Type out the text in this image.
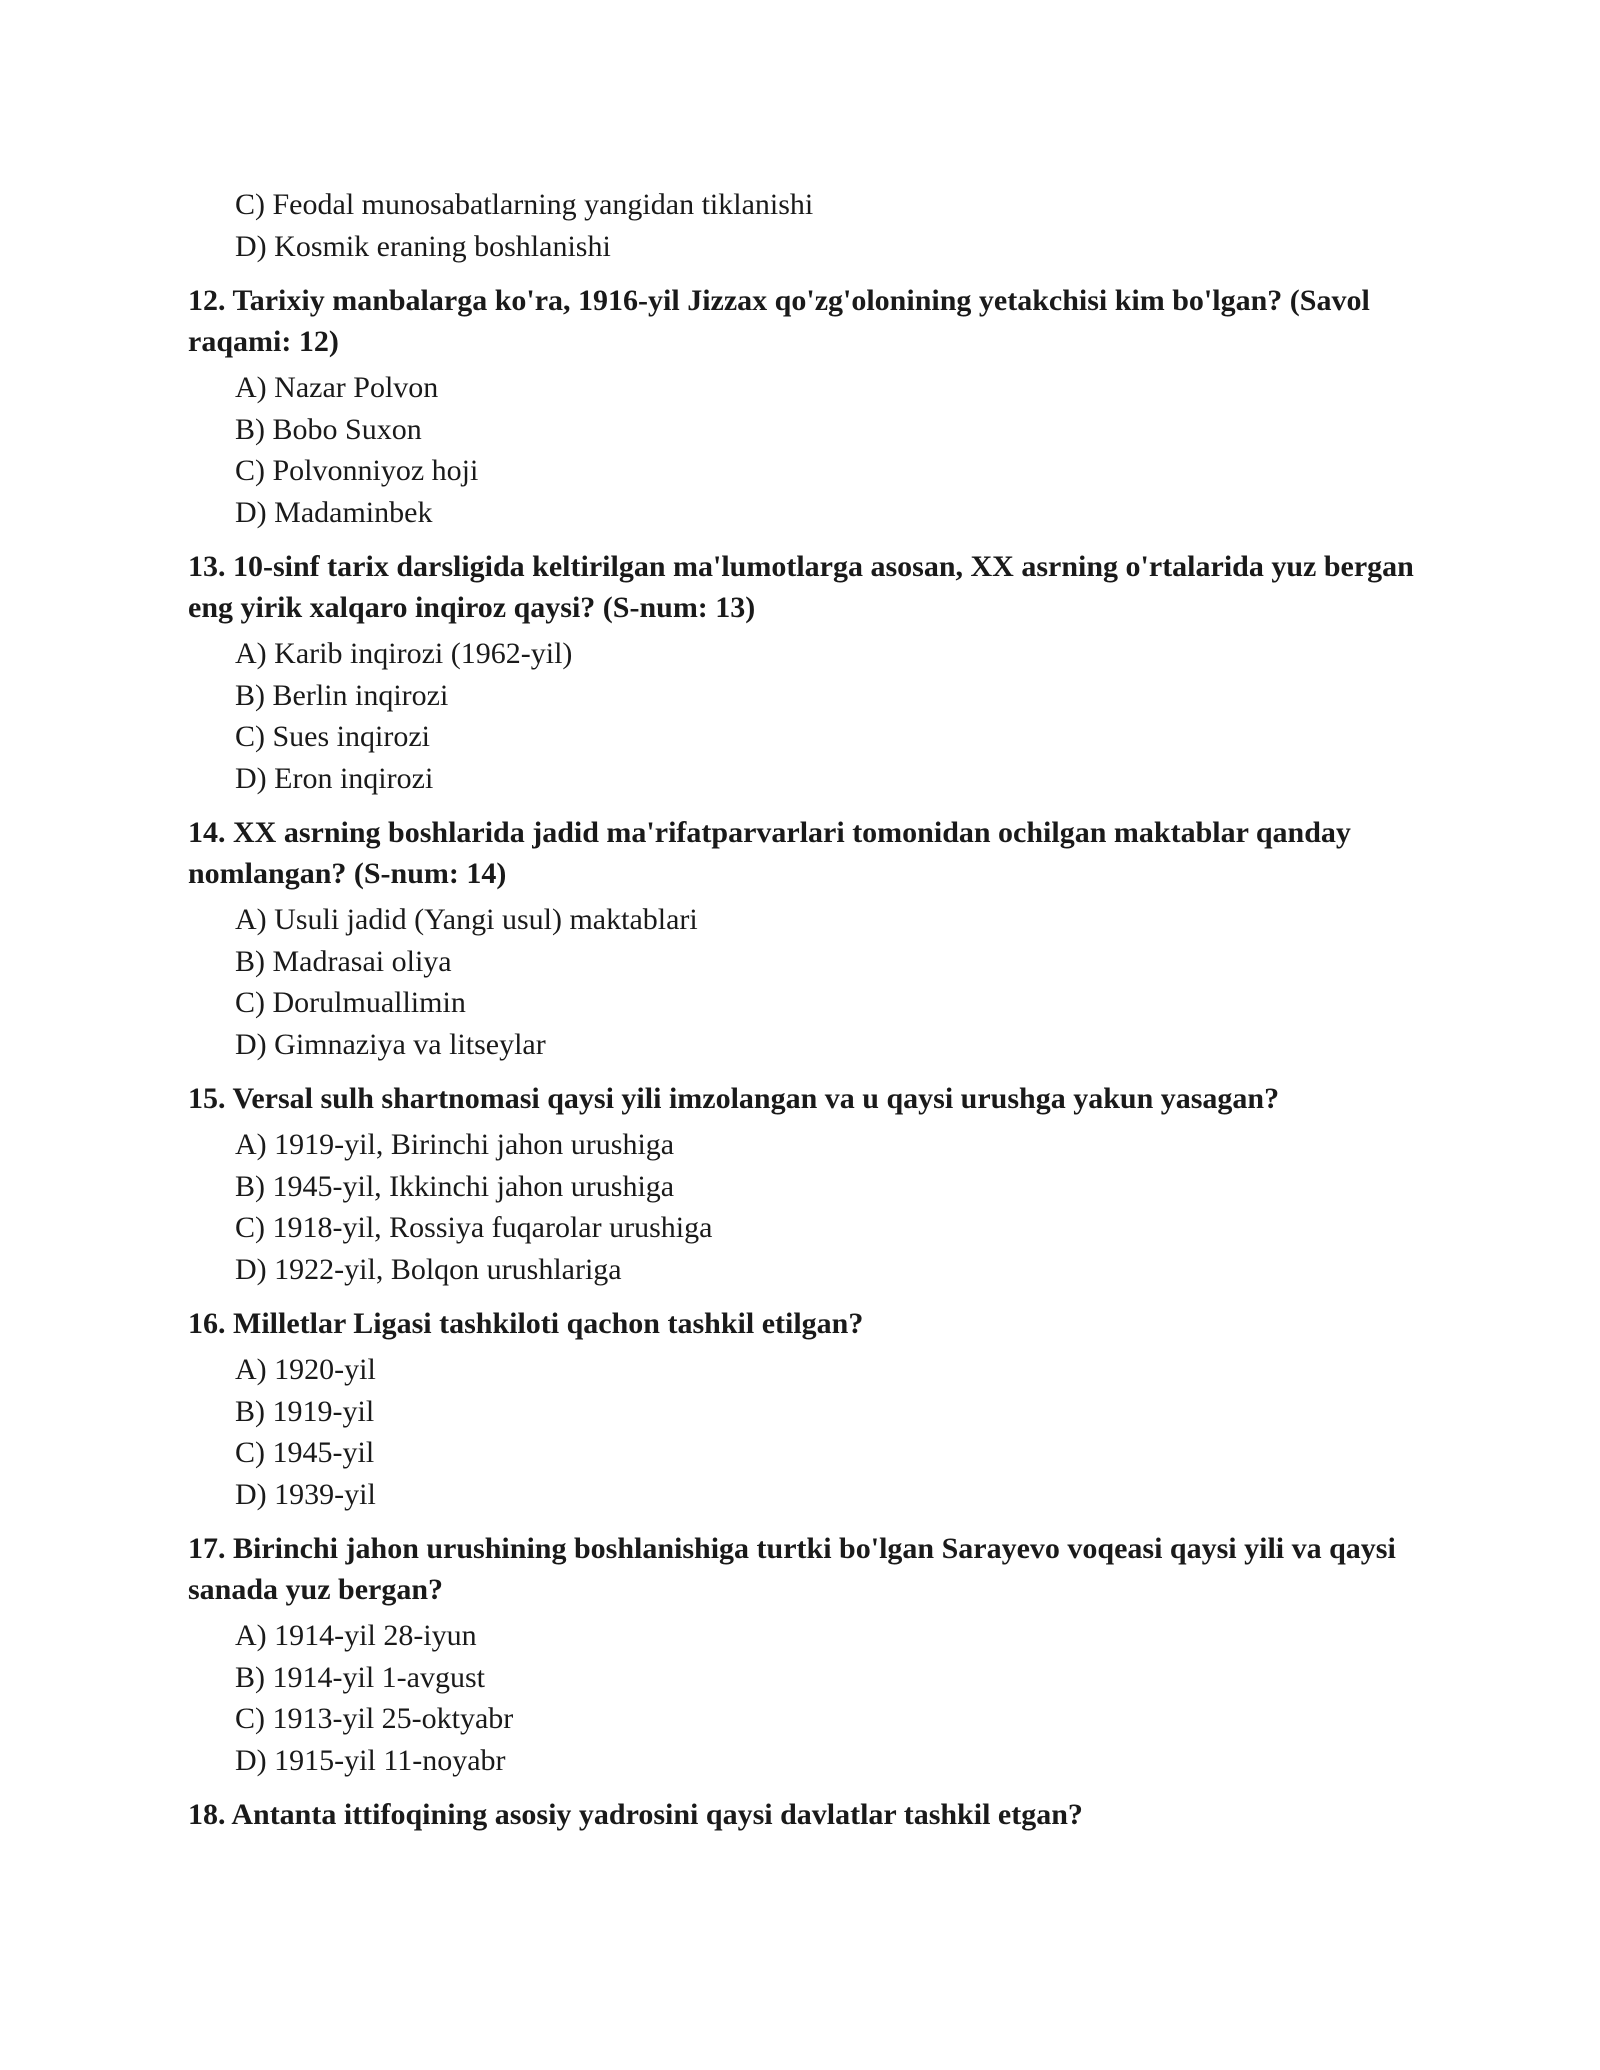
C) Feodal munosabatlarning yangidan tiklanishi
D) Kosmik eraning boshlanishi
12. Tarixiy manbalarga ko'ra, 1916-yil Jizzax qo'zg'olonining yetakchisi kim bo'lgan? (Savol raqami: 12)
A) Nazar Polvon
B) Bobo Suxon
C) Polvonniyoz hoji
D) Madaminbek
13. 10-sinf tarix darsligida keltirilgan ma'lumotlarga asosan, XX asrning o'rtalarida yuz bergan eng yirik xalqaro inqiroz qaysi? (S-num: 13)
A) Karib inqirozi (1962-yil)
B) Berlin inqirozi
C) Sues inqirozi
D) Eron inqirozi
14. XX asrning boshlarida jadid ma'rifatparvarlari tomonidan ochilgan maktablar qanday nomlangan? (S-num: 14)
A) Usuli jadid (Yangi usul) maktablari
B) Madrasai oliya
C) Dorulmuallimin
D) Gimnaziya va litseylar
15. Versal sulh shartnomasi qaysi yili imzolangan va u qaysi urushga yakun yasagan?
A) 1919-yil, Birinchi jahon urushiga
B) 1945-yil, Ikkinchi jahon urushiga
C) 1918-yil, Rossiya fuqarolar urushiga
D) 1922-yil, Bolqon urushlariga
16. Milletlar Ligasi tashkiloti qachon tashkil etilgan?
A) 1920-yil
B) 1919-yil
C) 1945-yil
D) 1939-yil
17. Birinchi jahon urushining boshlanishiga turtki bo'lgan Sarayevo voqeasi qaysi yili va qaysi sanada yuz bergan?
A) 1914-yil 28-iyun
B) 1914-yil 1-avgust
C) 1913-yil 25-oktyabr
D) 1915-yil 11-noyabr
18. Antanta ittifoqining asosiy yadrosini qaysi davlatlar tashkil etgan?
